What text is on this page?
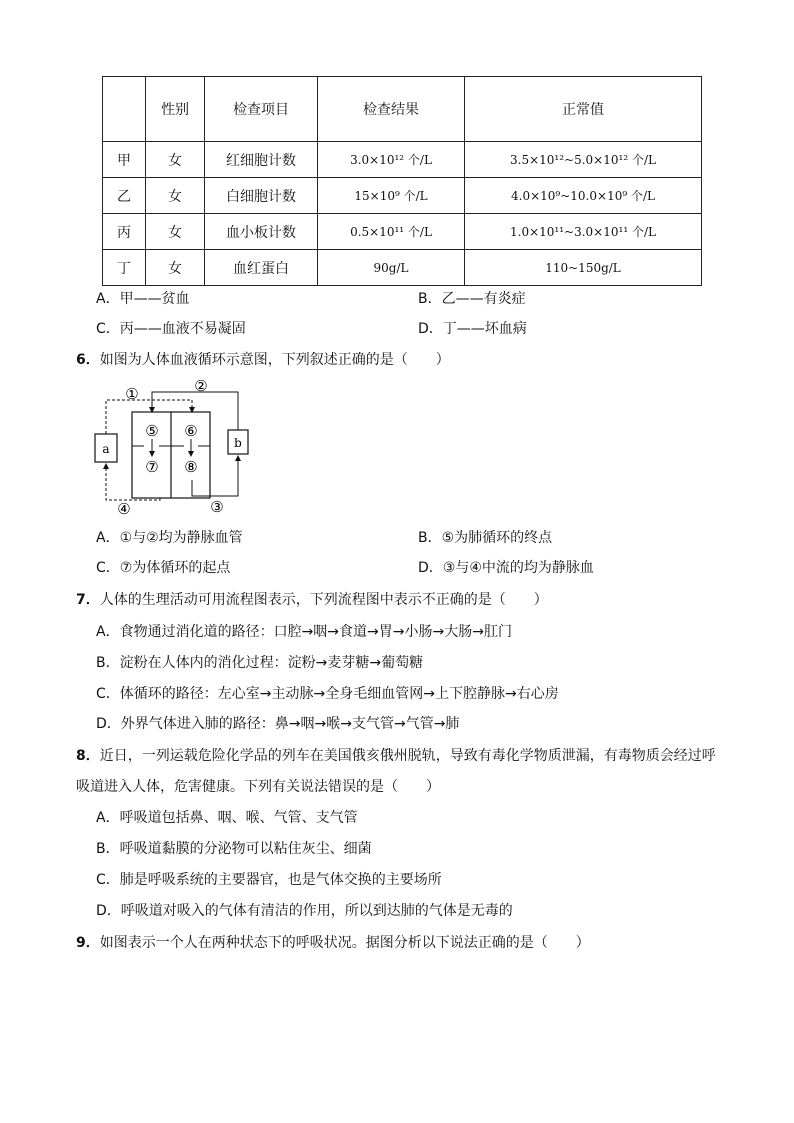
	性别	检查项目	检查结果	正常值
甲	女	红细胞计数	3.0×10¹² 个/L	3.5×10¹²~5.0×10¹² 个/L
乙	女	白细胞计数	15×10⁹ 个/L	4.0×10⁹~10.0×10⁹ 个/L
丙	女	血小板计数	0.5×10¹¹ 个/L	1.0×10¹¹~3.0×10¹¹ 个/L
丁	女	血红蛋白	90g/L	110~150g/L
A．甲——贫血	B．乙——有炎症
C．丙——血液不易凝固	D．丁——坏血病
6．如图为人体血液循环示意图，下列叙述正确的是（　　）
a	b
①	②
③
④
⑤ ⑥
⑦ ⑧
A．①与②均为静脉血管	B．⑤为肺循环的终点
C．⑦为体循环的起点	D．③与④中流的均为静脉血
7．人体的生理活动可用流程图表示，下列流程图中表示不正确的是（　　）
A．食物通过消化道的路径：口腔→咽→食道→胃→小肠→大肠→肛门
B．淀粉在人体内的消化过程：淀粉→麦芽糖→葡萄糖
C．体循环的路径：左心室→主动脉→全身毛细血管网→上下腔静脉→右心房
D．外界气体进入肺的路径：鼻→咽→喉→支气管→气管→肺
8．近日，一列运载危险化学品的列车在美国俄亥俄州脱轨，导致有毒化学物质泄漏，有毒物质会经过呼
吸道进入人体，危害健康。下列有关说法错误的是（　　）
A．呼吸道包括鼻、咽、喉、气管、支气管
B．呼吸道黏膜的分泌物可以粘住灰尘、细菌
C．肺是呼吸系统的主要器官，也是气体交换的主要场所
D．呼吸道对吸入的气体有清洁的作用，所以到达肺的气体是无毒的
9．如图表示一个人在两种状态下的呼吸状况。据图分析以下说法正确的是（　　）
